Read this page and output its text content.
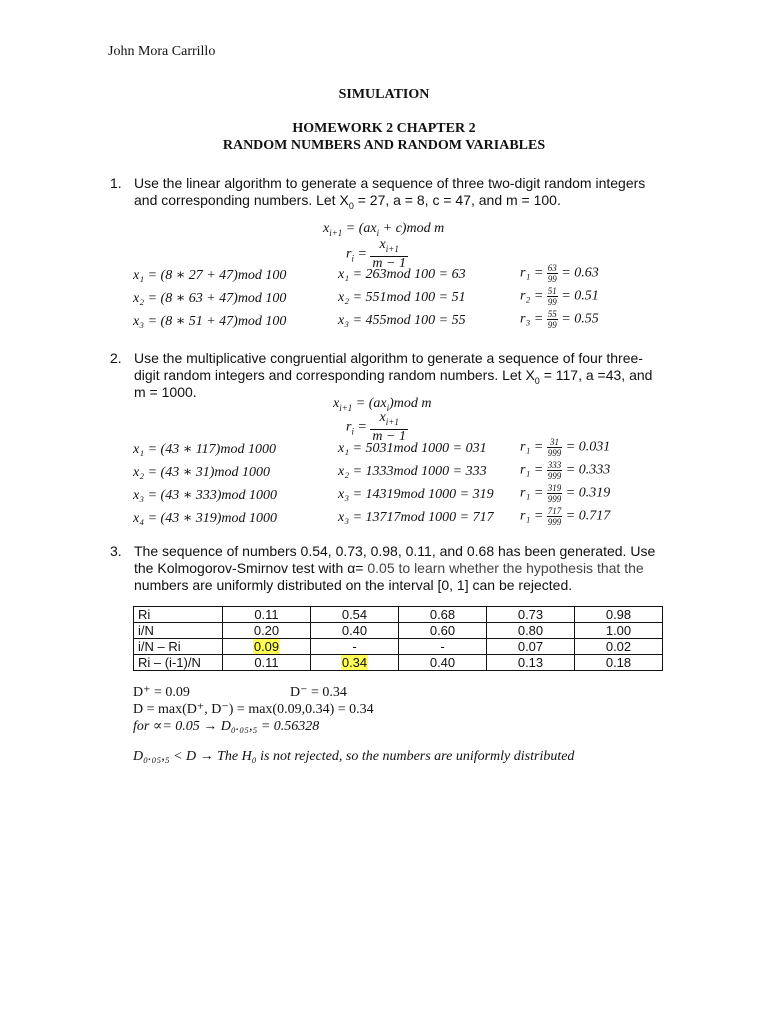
John Mora Carrillo
SIMULATION
HOMEWORK 2 CHAPTER 2
RANDOM NUMBERS AND RANDOM VARIABLES
1. Use the linear algorithm to generate a sequence of three two-digit random integers
and corresponding numbers. Let $X_0 = 27$, a = 8, c = 47, and m = 100.
$x_{i+1} = (ax_i + c)mod$ m
$r_i = \frac{x_{i+1}}{m - 1}$
x₁ = (8 ∗ 27 + 47)mod 100	x₁ = 263mod 100 = 63	$r_1 = \frac{63}{99} = 0.63$
x₂ = (8 ∗ 63 + 47)mod 100	x₂ = 551mod 100 = 51	$r_2 = \frac{51}{99} = 0.51$
x₃ = (8 ∗ 51 + 47)mod 100	x₃ = 455mod 100 = 55	$r_3 = \frac{55}{99} = 0.55$
2. Use the multiplicative congruential algorithm to generate a sequence of four three-
digit random integers and corresponding random numbers. Let $X_0 = 117$, a =43, and
m = 1000.
$x_{i+1} = (ax_i)mod$ m
$r_i = \frac{x_{i+1}}{m - 1}$
x₁ = (43 ∗ 117)mod 1000	x₁ = 5031mod 1000 = 031 $r_1 = \frac{31}{999} = 0.031$
x₂ = (43 ∗ 31)mod 1000	x₂ = 1333mod 1000 = 333 $r_1 = \frac{333}{999} = 0.333$
x₃ = (43 ∗ 333)mod 1000	x₃ = 14319mod 1000 = 319 $r_1 = \frac{319}{999} = 0.319$
x₄ = (43 ∗ 319)mod 1000	x₃ = 13717mod 1000 = 717 $r_1 = \frac{717}{999} = 0.717$
3. The sequence of numbers 0.54, 0.73, 0.98, 0.11, and 0.68 has been generated. Use
the Kolmogorov-Smirnov test with α= 0.05 to learn whether the hypothesis that the
numbers are uniformly distributed on the interval [0, 1] can be rejected.
Ri	0.11	0.54	0.68	0.73	0.98
i/N	0.20	0.40	0.60	0.80	1.00
i/N – Ri	0.09	-	-	0.07	0.02
Ri – (i-1)/N	0.11	0.34	0.40	0.13	0.18
D⁺ = 0.09	D⁻ = 0.34
D = max(D⁺, D⁻) = max(0.09,0.34) = 0.34
for ∝= 0.05 → D₀.₀₅,₅ = 0.56328
D₀.₀₅,₅ < D → The H₀ is not rejected, so the numbers are uniformly distributed
